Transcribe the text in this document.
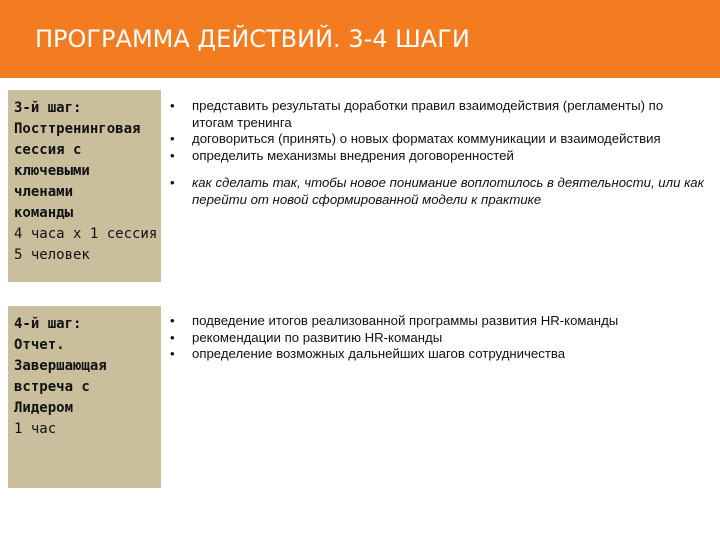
ПРОГРАММА ДЕЙСТВИЙ. 3-4 ШАГИ
3-й шаг:
Посттренинговая
сессия с
ключевыми
членами
команды
4 часа х 1 сессия
5 человек
•	представить результаты доработки правил взаимодействия (регламенты) по итогам тренинга
•	договориться (принять) о новых форматах коммуникации и взаимодействия
•	определить механизмы внедрения договоренностей
•	как сделать так, чтобы новое понимание воплотилось в деятельности, или как перейти от новой сформированной модели к практике
4-й шаг:
Отчет.
Завершающая
встреча с
Лидером
1 час
•	подведение итогов реализованной программы развития HR-команды
•	рекомендации по развитию HR-команды
•	определение возможных дальнейших шагов сотрудничества
